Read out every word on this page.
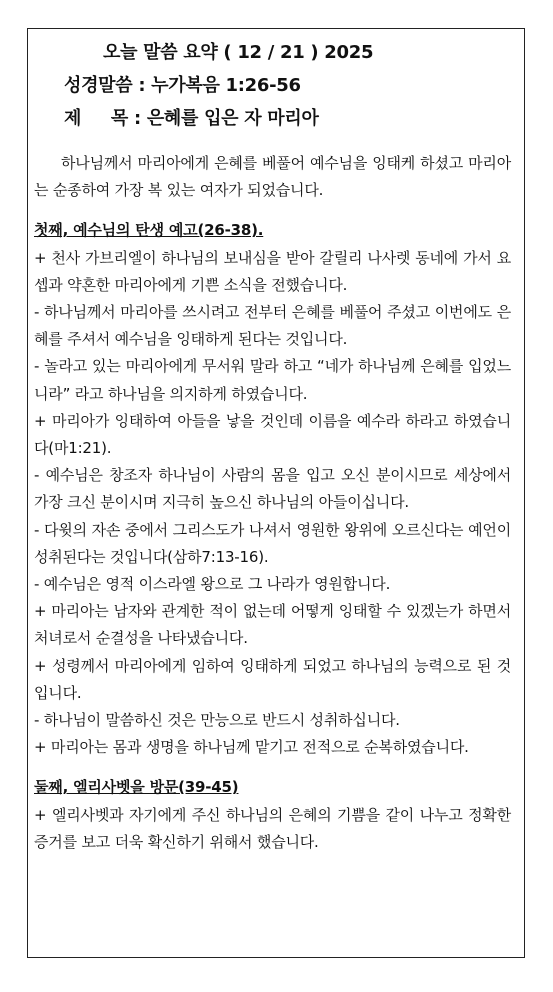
오늘 말씀 요약 ( 12 / 21 ) 2025
성경말씀 : 누가복음 1:26-56
제     목 : 은혜를 입은 자 마리아

하나님께서 마리아에게 은혜를 베풀어 예수님을 잉태케 하셨고 마리아는 순종하여 가장 복 있는 여자가 되었습니다.

첫째, 예수님의 탄생 예고(26-38).

+ 천사 가브리엘이 하나님의 보내심을 받아 갈릴리 나사렛 동네에 가서 요셉과 약혼한 마리아에게 기쁜 소식을 전했습니다.

- 하나님께서 마리아를 쓰시려고 전부터 은혜를 베풀어 주셨고 이번에도 은혜를 주셔서 예수님을 잉태하게 된다는 것입니다.

- 놀라고 있는 마리아에게 무서워 말라 하고 “네가 하나님께 은혜를 입었느니라” 라고 하나님을 의지하게 하였습니다.

+ 마리아가 잉태하여 아들을 낳을 것인데 이름을 예수라 하라고 하였습니다(마1:21).

- 예수님은 창조자 하나님이 사람의 몸을 입고 오신 분이시므로 세상에서 가장 크신 분이시며 지극히 높으신 하나님의 아들이십니다.

- 다윗의 자손 중에서 그리스도가 나셔서 영원한 왕위에 오르신다는 예언이 성취된다는 것입니다(삼하7:13-16).

- 예수님은 영적 이스라엘 왕으로 그 나라가 영원합니다.

+ 마리아는 남자와 관계한 적이 없는데 어떻게 잉태할 수 있겠는가 하면서 처녀로서 순결성을 나타냈습니다.

+ 성령께서 마리아에게 임하여 잉태하게 되었고 하나님의 능력으로 된 것입니다.

- 하나님이 말씀하신 것은 만능으로 반드시 성취하십니다.

+ 마리아는 몸과 생명을 하나님께 맡기고 전적으로 순복하였습니다.

둘째, 엘리사벳을 방문(39-45)

+ 엘리사벳과 자기에게 주신 하나님의 은혜의 기쁨을 같이 나누고 정확한 증거를 보고 더욱 확신하기 위해서 했습니다.
